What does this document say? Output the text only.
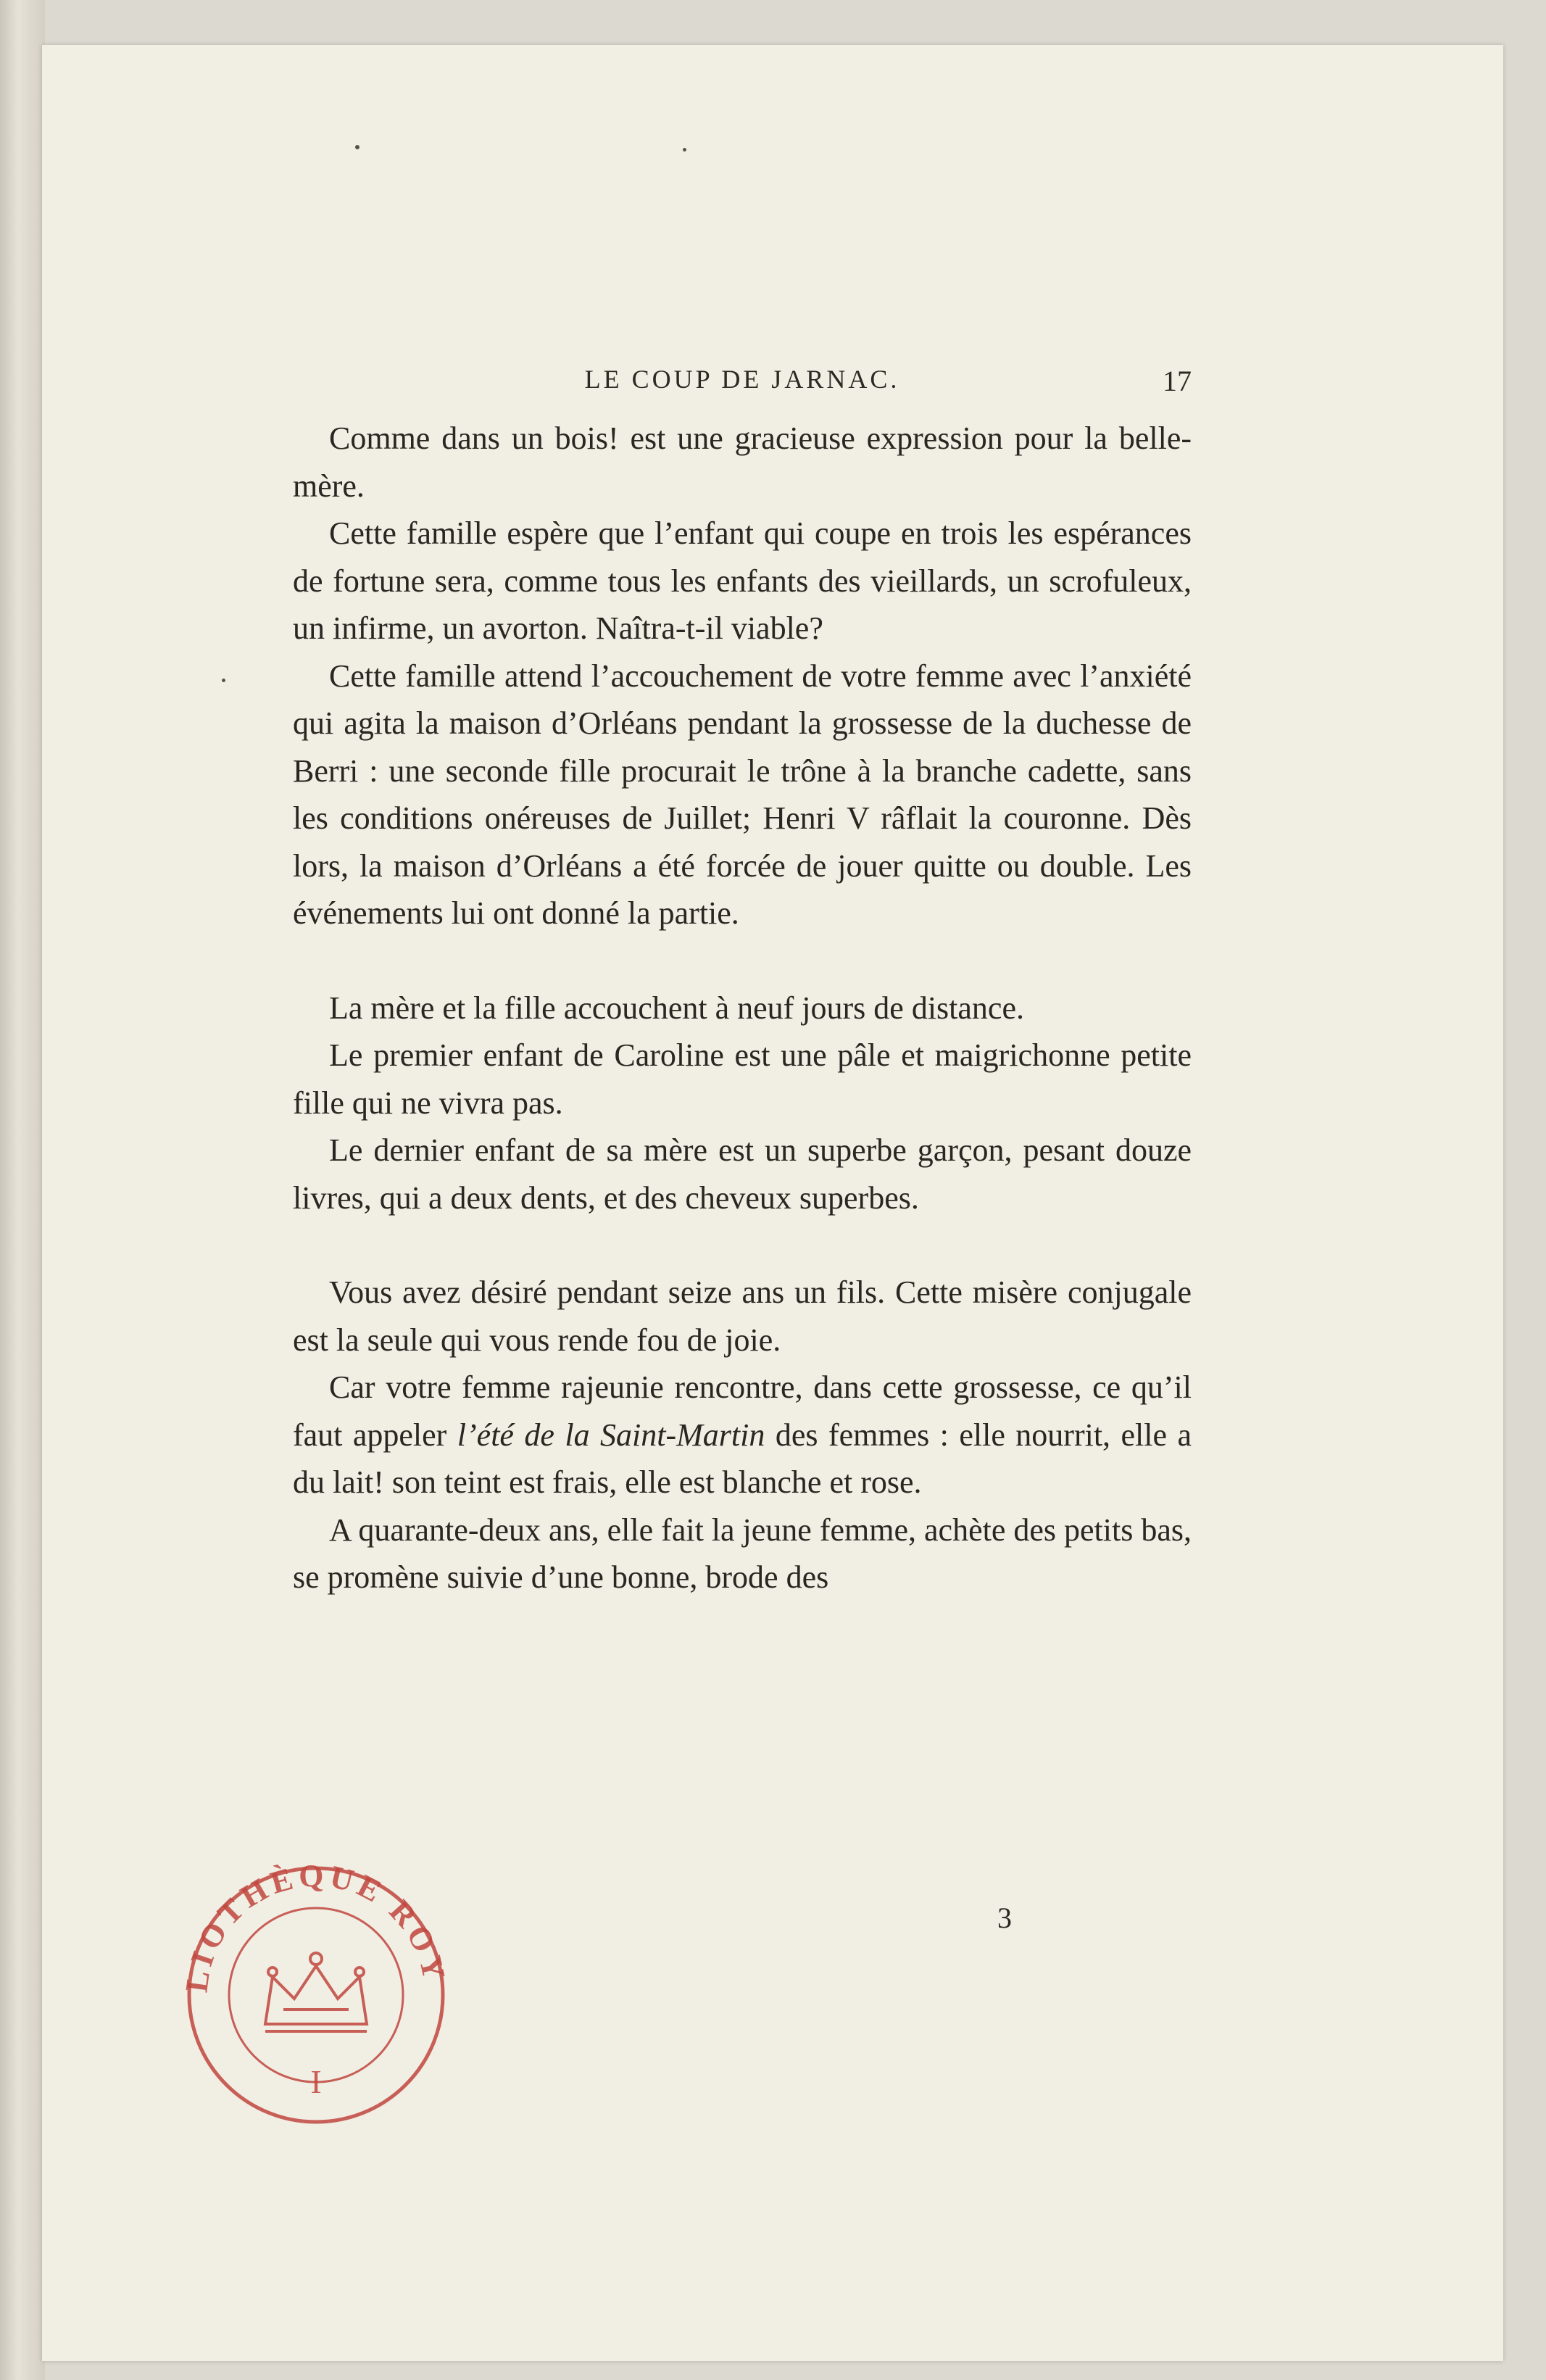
LE COUP DE JARNAC.	17

Comme dans un bois! est une gracieuse expression pour la belle-mère.

Cette famille espère que l’enfant qui coupe en trois les espérances de fortune sera, comme tous les enfants des vieillards, un scrofuleux, un infirme, un avorton. Naîtra-t-il viable?

Cette famille attend l’accouchement de votre femme avec l’anxiété qui agita la maison d’Orléans pendant la grossesse de la duchesse de Berri : une seconde fille procurait le trône à la branche cadette, sans les conditions onéreuses de Juillet; Henri V râflait la couronne. Dès lors, la maison d’Orléans a été forcée de jouer quitte ou double. Les événements lui ont donné la partie.

La mère et la fille accouchent à neuf jours de distance.

Le premier enfant de Caroline est une pâle et maigrichonne petite fille qui ne vivra pas.

Le dernier enfant de sa mère est un superbe garçon, pesant douze livres, qui a deux dents, et des cheveux superbes.

Vous avez désiré pendant seize ans un fils. Cette misère conjugale est la seule qui vous rende fou de joie.

Car votre femme rajeunie rencontre, dans cette grossesse, ce qu’il faut appeler l’été de la Saint-Martin des femmes : elle nourrit, elle a du lait! son teint est frais, elle est blanche et rose.

A quarante-deux ans, elle fait la jeune femme, achète des petits bas, se promène suivie d’une bonne, brode des

3
LIOTHÈQUE ROY
I
